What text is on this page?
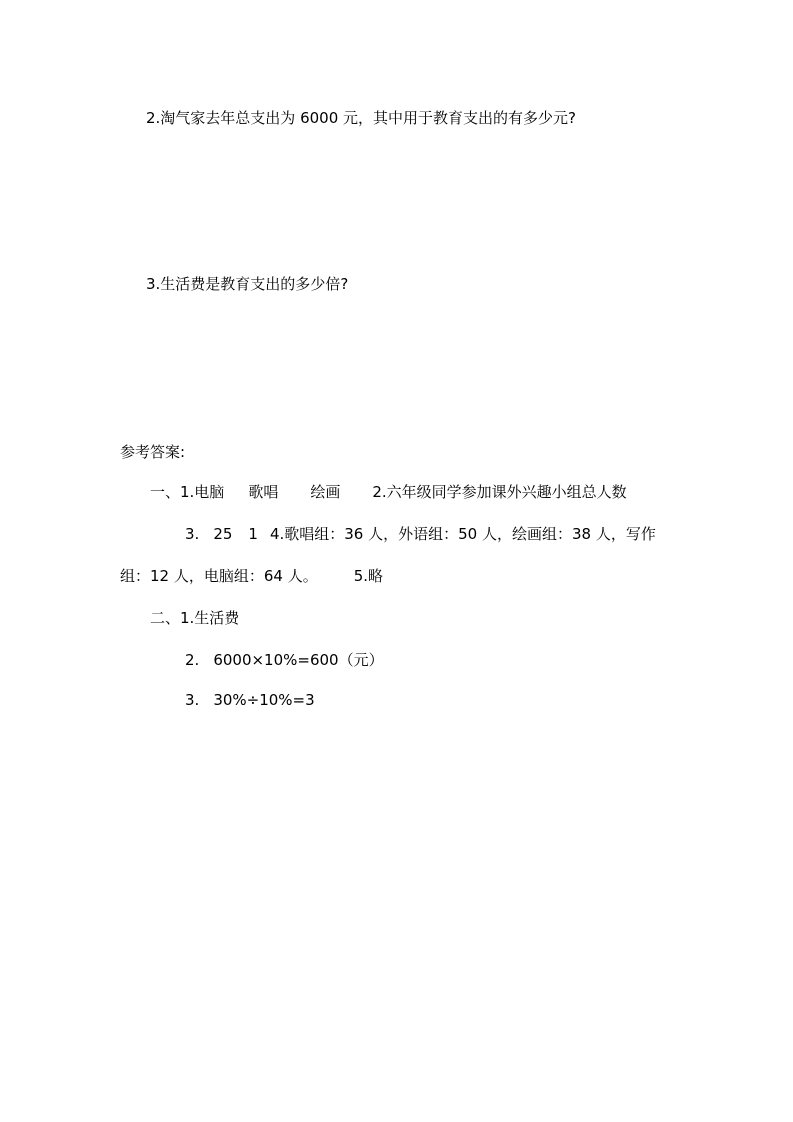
2.淘气家去年总支出为 6000 元，其中用于教育支出的有多少元?
3.生活费是教育支出的多少倍?
参考答案:
一、1.电脑 歌唱 绘画 2.六年级同学参加课外兴趣小组总人数
3. 25 1 4.歌唱组：36 人，外语组：50 人，绘画组：38 人，写作
组：12 人，电脑组：64 人。 5.略
二、1.生活费
2. 6000×10%=600（元）
3. 30%÷10%=3
